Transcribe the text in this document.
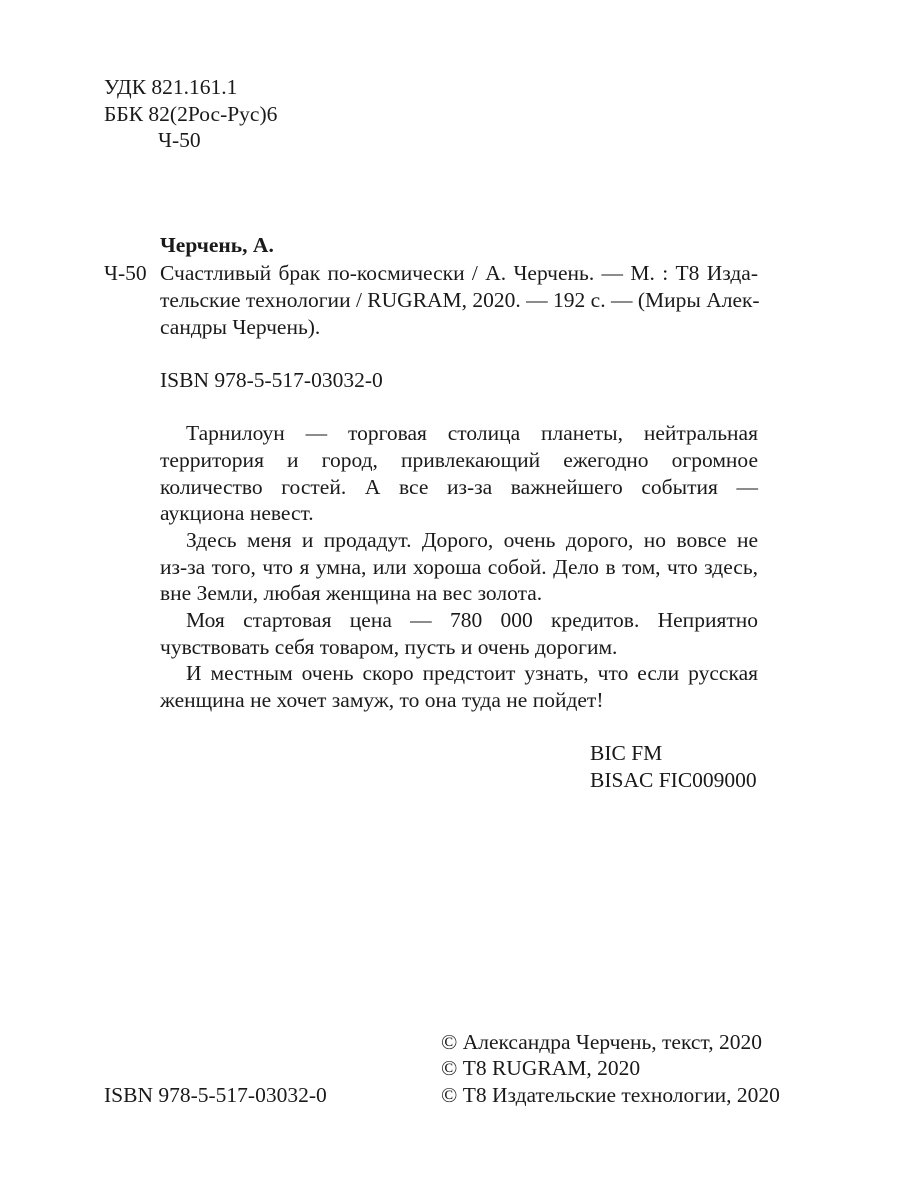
УДК 821.161.1
ББК 82(2Рос-Рус)6
Ч-50
Черчень, А.
Ч-50 Счастливый брак по-космически / А. Черчень. — М. : Т8 Изда-
тельские технологии / RUGRAM, 2020. — 192 с. — (Миры Алек-
сандры Черчень).
ISBN 978-5-517-03032-0
Тарнилоун — торговая столица планеты, нейтральная
территория и город, привлекающий ежегодно огромное
количество гостей. А все из-за важнейшего события —
аукциона невест.
Здесь меня и продадут. Дорого, очень дорого, но вовсе не
из-за того, что я умна, или хороша собой. Дело в том, что здесь,
вне Земли, любая женщина на вес золота.
Моя стартовая цена — 780 000 кредитов. Неприятно
чувствовать себя товаром, пусть и очень дорогим.
И местным очень скоро предстоит узнать, что если русская
женщина не хочет замуж, то она туда не пойдет!
BIC FM
BISAC FIC009000
© Александра Черчень, текст, 2020
© Т8 RUGRAM, 2020
ISBN 978-5-517-03032-0	© Т8 Издательские технологии, 2020
